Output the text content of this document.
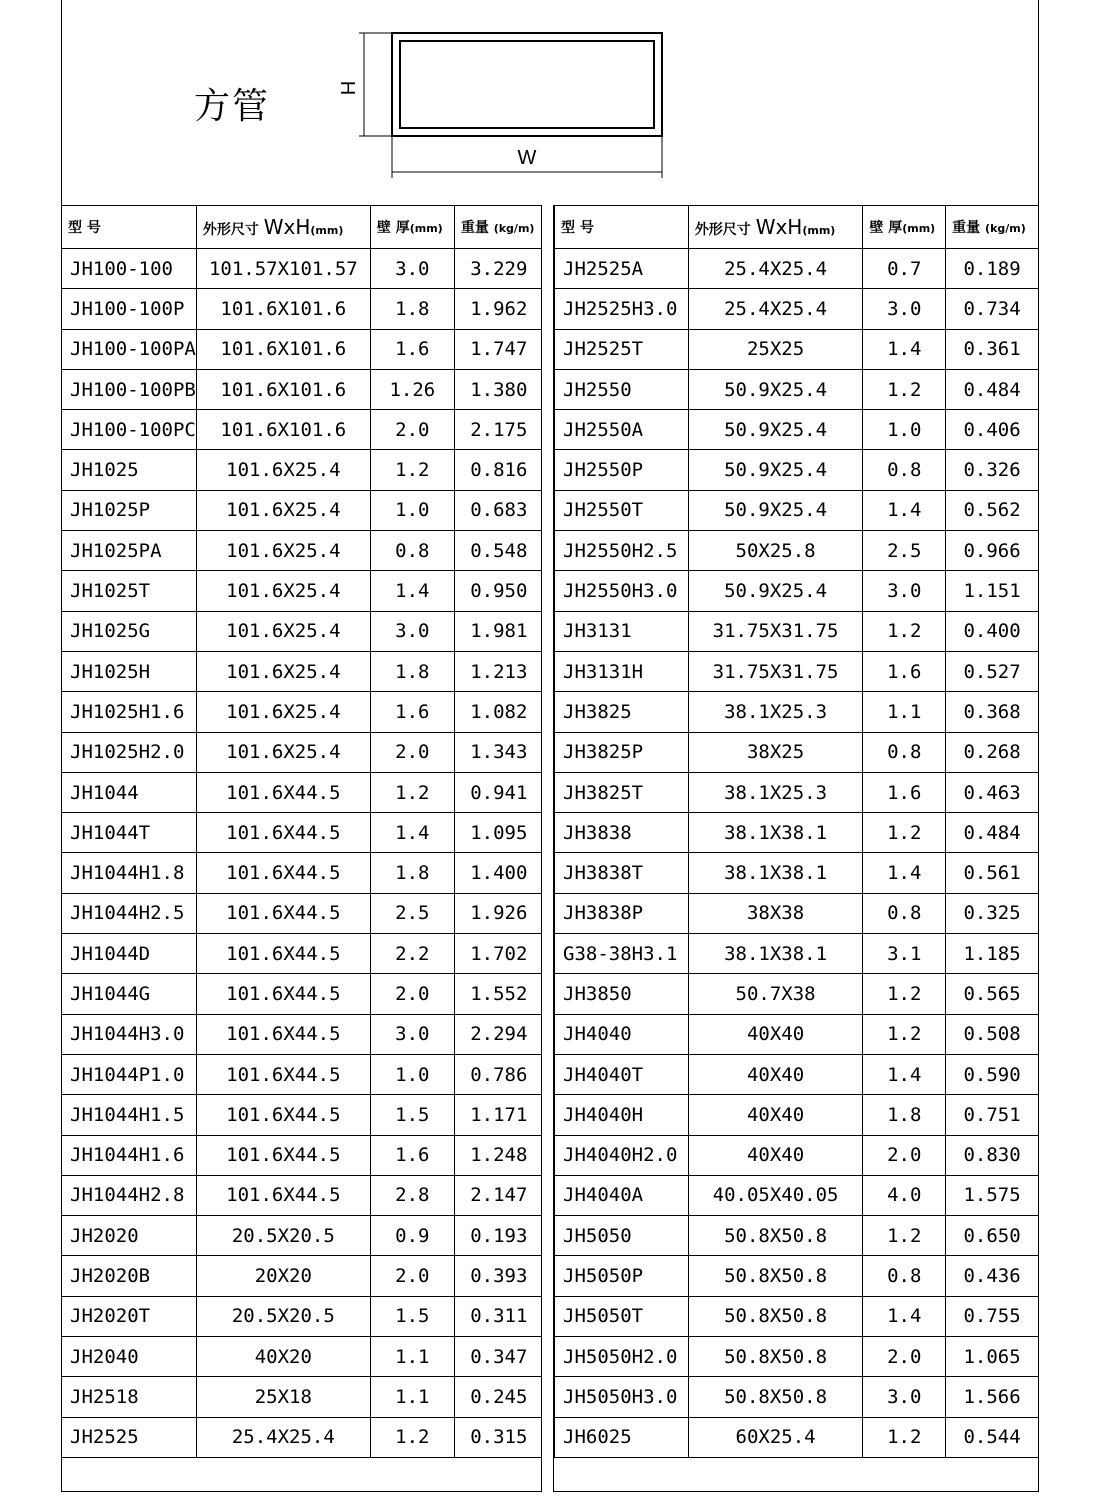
方管	H
W
型 号	外形尺寸 WxH(mm)	壁 厚(mm)	重量 (kg/m)
JH100-100	101.57X101.57	3.0	3.229
JH100-100P	101.6X101.6	1.8	1.962
JH100-100PA	101.6X101.6	1.6	1.747
JH100-100PB	101.6X101.6	1.26	1.380
JH100-100PC	101.6X101.6	2.0	2.175
JH1025	101.6X25.4	1.2	0.816
JH1025P	101.6X25.4	1.0	0.683
JH1025PA	101.6X25.4	0.8	0.548
JH1025T	101.6X25.4	1.4	0.950
JH1025G	101.6X25.4	3.0	1.981
JH1025H	101.6X25.4	1.8	1.213
JH1025H1.6	101.6X25.4	1.6	1.082
JH1025H2.0	101.6X25.4	2.0	1.343
JH1044	101.6X44.5	1.2	0.941
JH1044T	101.6X44.5	1.4	1.095
JH1044H1.8	101.6X44.5	1.8	1.400
JH1044H2.5	101.6X44.5	2.5	1.926
JH1044D	101.6X44.5	2.2	1.702
JH1044G	101.6X44.5	2.0	1.552
JH1044H3.0	101.6X44.5	3.0	2.294
JH1044P1.0	101.6X44.5	1.0	0.786
JH1044H1.5	101.6X44.5	1.5	1.171
JH1044H1.6	101.6X44.5	1.6	1.248
JH1044H2.8	101.6X44.5	2.8	2.147
JH2020	20.5X20.5	0.9	0.193
JH2020B	20X20	2.0	0.393
JH2020T	20.5X20.5	1.5	0.311
JH2040	40X20	1.1	0.347
JH2518	25X18	1.1	0.245
JH2525	25.4X25.4	1.2	0.315
型 号	外形尺寸 WxH(mm)	壁 厚(mm)	重量 (kg/m)
JH2525A	25.4X25.4	0.7	0.189
JH2525H3.0	25.4X25.4	3.0	0.734
JH2525T	25X25	1.4	0.361
JH2550	50.9X25.4	1.2	0.484
JH2550A	50.9X25.4	1.0	0.406
JH2550P	50.9X25.4	0.8	0.326
JH2550T	50.9X25.4	1.4	0.562
JH2550H2.5	50X25.8	2.5	0.966
JH2550H3.0	50.9X25.4	3.0	1.151
JH3131	31.75X31.75	1.2	0.400
JH3131H	31.75X31.75	1.6	0.527
JH3825	38.1X25.3	1.1	0.368
JH3825P	38X25	0.8	0.268
JH3825T	38.1X25.3	1.6	0.463
JH3838	38.1X38.1	1.2	0.484
JH3838T	38.1X38.1	1.4	0.561
JH3838P	38X38	0.8	0.325
G38-38H3.1	38.1X38.1	3.1	1.185
JH3850	50.7X38	1.2	0.565
JH4040	40X40	1.2	0.508
JH4040T	40X40	1.4	0.590
JH4040H	40X40	1.8	0.751
JH4040H2.0	40X40	2.0	0.830
JH4040A	40.05X40.05	4.0	1.575
JH5050	50.8X50.8	1.2	0.650
JH5050P	50.8X50.8	0.8	0.436
JH5050T	50.8X50.8	1.4	0.755
JH5050H2.0	50.8X50.8	2.0	1.065
JH5050H3.0	50.8X50.8	3.0	1.566
JH6025	60X25.4	1.2	0.544
